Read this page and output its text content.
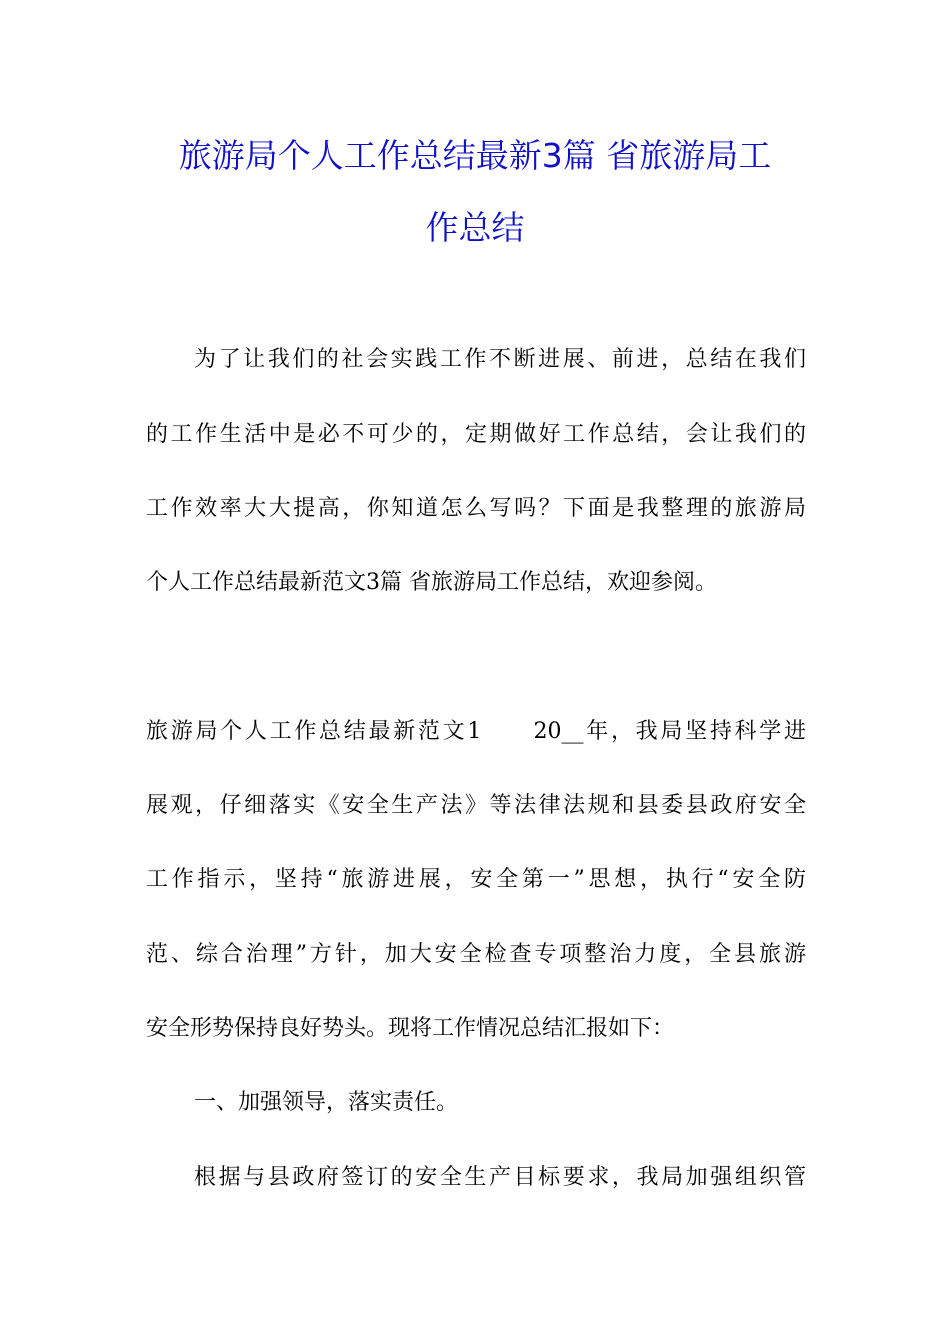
旅游局个人工作总结最新3篇 省旅游局工
作总结
为了让我们的社会实践工作不断进展、前进，总结在我们
的工作生活中是必不可少的，定期做好工作总结，会让我们的
工作效率大大提高，你知道怎么写吗？下面是我整理的旅游局
个人工作总结最新范文3篇 省旅游局工作总结，欢迎参阅。
旅游局个人工作总结最新范文1　　20__年，我局坚持科学进
展观，仔细落实《安全生产法》等法律法规和县委县政府安全
工作指示，坚持“旅游进展，安全第一”思想，执行“安全防
范、综合治理”方针，加大安全检查专项整治力度，全县旅游
安全形势保持良好势头。现将工作情况总结汇报如下：
一、加强领导，落实责任。
根据与县政府签订的安全生产目标要求，我局加强组织管
